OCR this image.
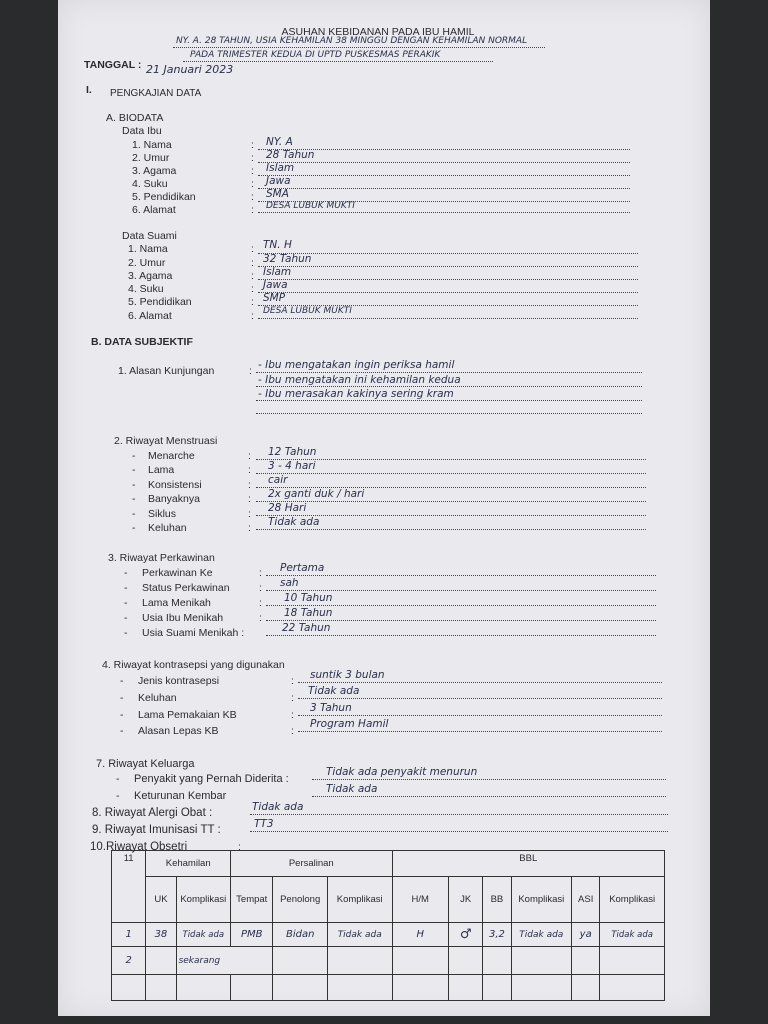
ASUHAN KEBIDANAN PADA IBU HAMIL
NY. A. 28 TAHUN, USIA KEHAMILAN 38 MINGGU DENGAN KEHAMILAN NORMAL
PADA TRIMESTER KEDUA DI UPTD PUSKESMAS PERAKIK
TANGGAL : 21 Januari 2023
I. PENGKAJIAN DATA
A. BIODATA
Data Ibu
1. Nama	: NY. A
2. Umur	: 28 Tahun
3. Agama	: Islam
4. Suku	: Jawa
5. Pendidikan	: SMA
6. Alamat	: DESA LUBUK MUKTI
Data Suami
1. Nama	: TN. H
2. Umur	: 32 Tahun
3. Agama	: Islam
4. Suku	: Jawa
5. Pendidikan	: SMP
6. Alamat	: DESA LUBUK MUKTI
B. DATA SUBJEKTIF
1. Alasan Kunjungan	: - Ibu mengatakan ingin periksa hamil
- Ibu mengatakan ini kehamilan kedua
- Ibu merasakan kakinya sering kram
2. Riwayat Menstruasi
- Menarche	: 12 Tahun
- Lama	: 3 - 4 hari
- Konsistensi	: cair
- Banyaknya	: 2x ganti duk / hari
- Siklus	: 28 Hari
- Keluhan	: Tidak ada
3. Riwayat Perkawinan
- Perkawinan Ke	: Pertama
- Status Perkawinan	: sah
- Lama Menikah	: 10 Tahun
- Usia Ibu Menikah	: 18 Tahun
- Usia Suami Menikah :	22 Tahun
4. Riwayat kontrasepsi yang digunakan
- Jenis kontrasepsi	: suntik 3 bulan
- Keluhan	:
Tidak ada
- Lama Pemakaian KB	:
3 Tahun
- Alasan Lepas KB	:
Program Hamil
7. Riwayat Keluarga
- Penyakit yang Pernah Diderita :
Tidak ada penyakit menurun
- Keturunan Kembar
Tidak ada
8. Riwayat Alergi Obat :	Tidak ada
9. Riwayat Imunisasi TT :	TT3
10.Riwayat Obsetri	:
11	Kehamilan		Persalinan			BBL					
	UK	Komplikasi	Tempat	Penolong	Komplikasi	H/M	JK	BB	Komplikasi	ASI	Komplikasi
1	38	Tidak ada	PMB	Bidan	Tidak ada	H	♂	3,2	Tidak ada	ya	Tidak ada
2		sekarang									
